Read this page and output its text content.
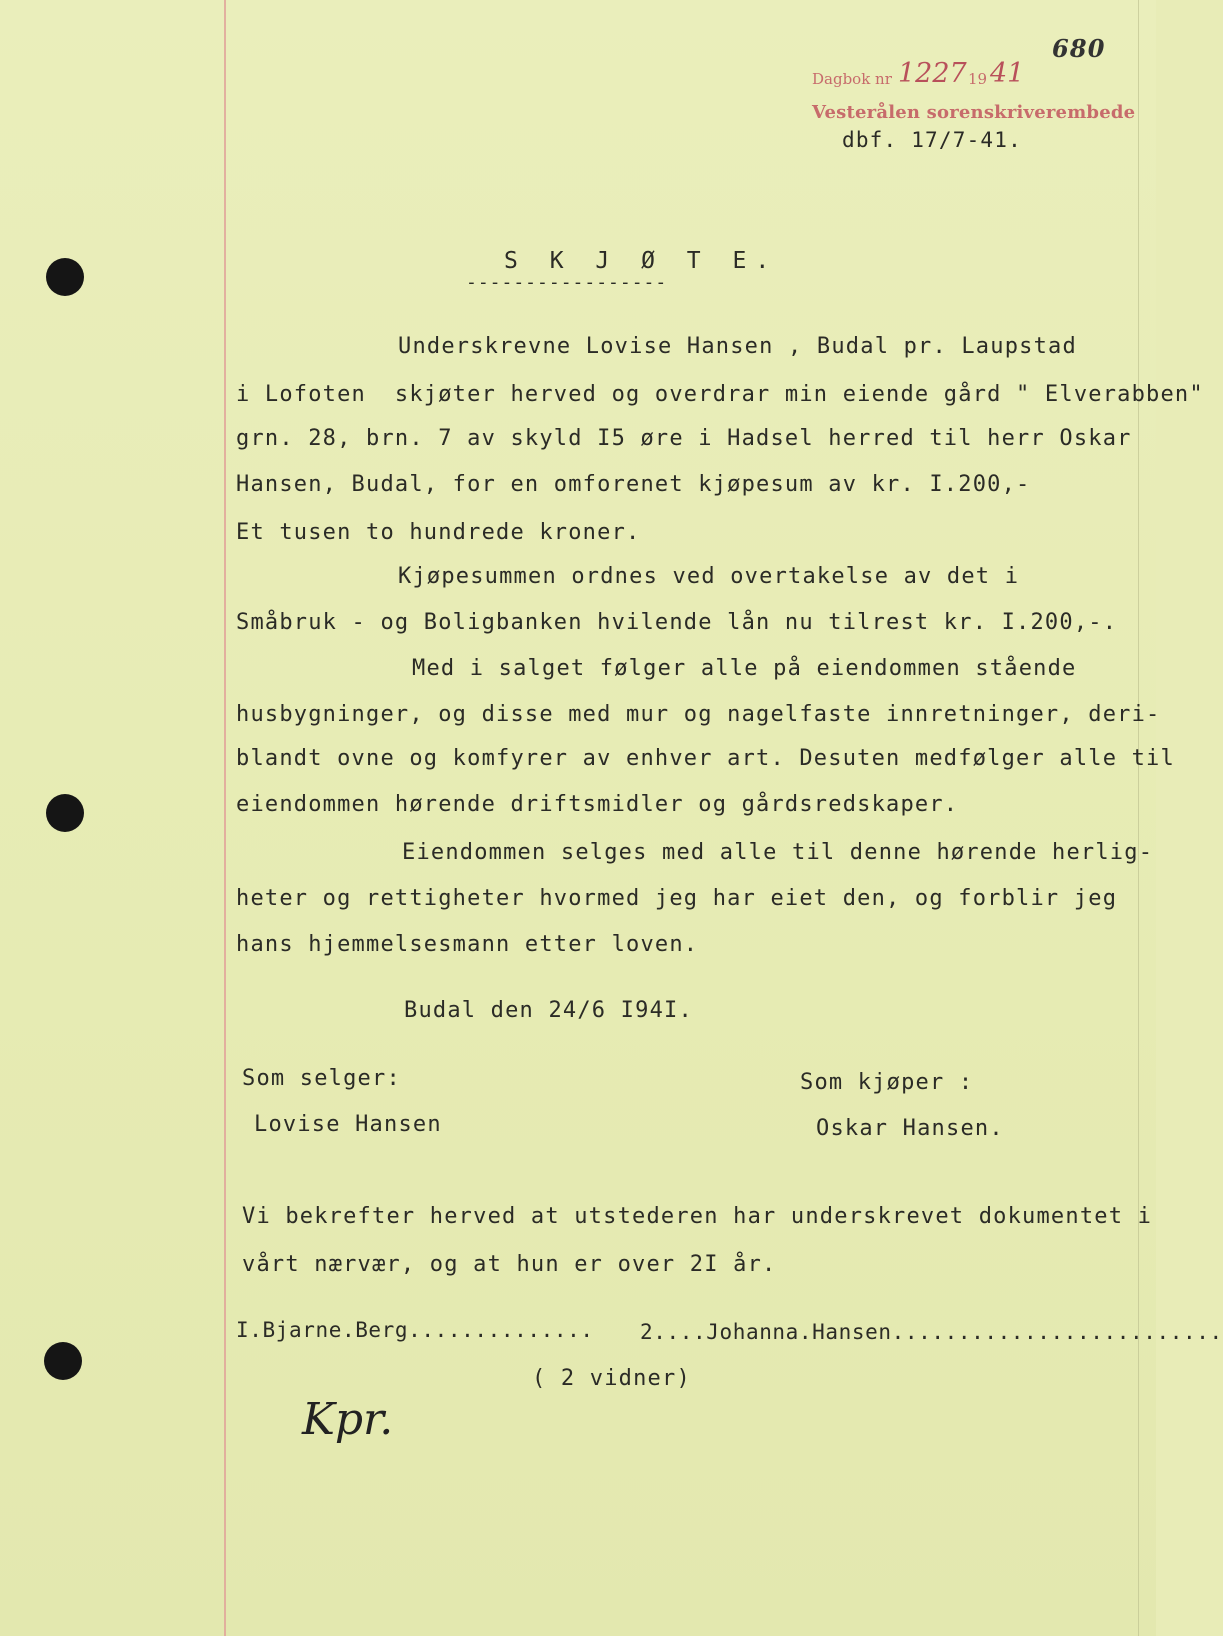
Dagbok nr 1227 19 41
Vesterålen sorenskriverembede
dbf. 17/7-41.
680
S K J Ø T E.
-----------------
Underskrevne Lovise Hansen , Budal pr. Laupstad
i Lofoten  skjøter herved og overdrar min eiende gård " Elverabben"
grn. 28, brn. 7 av skyld I5 øre i Hadsel herred til herr Oskar
Hansen, Budal, for en omforenet kjøpesum av kr. I.200,-
Et tusen to hundrede kroner.
Kjøpesummen ordnes ved overtakelse av det i
Småbruk - og Boligbanken hvilende lån nu tilrest kr. I.200,-.
Med i salget følger alle på eiendommen stående
husbygninger, og disse med mur og nagelfaste innretninger, deri-
blandt ovne og komfyrer av enhver art. Desuten medfølger alle til
eiendommen hørende driftsmidler og gårdsredskaper.
Eiendommen selges med alle til denne hørende herlig-
heter og rettigheter hvormed jeg har eiet den, og forblir jeg
hans hjemmelsesmann etter loven.
Budal den 24/6 I94I.
Som selger:	Som kjøper :
Lovise Hansen	Oskar Hansen.
Vi bekrefter herved at utstederen har underskrevet dokumentet i
vårt nærvær, og at hun er over 2I år.
I.Bjarne.Berg.............. 2....Johanna.Hansen.........................
( 2 vidner)
Kpr.
